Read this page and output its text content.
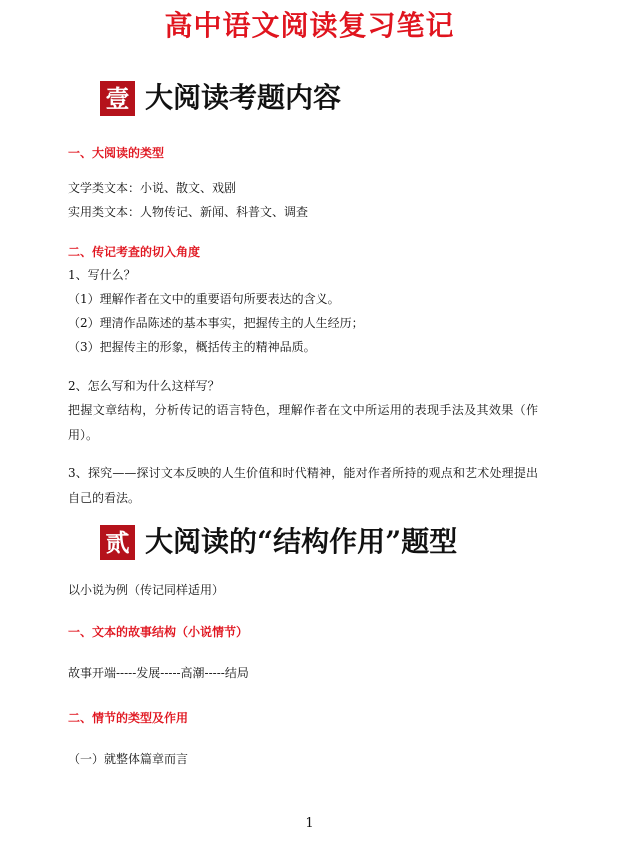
高中语文阅读复习笔记
壹 大阅读考题内容
一、大阅读的类型
文学类文本：小说、散文、戏剧
实用类文本：人物传记、新闻、科普文、调查
二、传记考查的切入角度
1、写什么？
（1）理解作者在文中的重要语句所要表达的含义。
（2）理清作品陈述的基本事实，把握传主的人生经历；
（3）把握传主的形象，概括传主的精神品质。
2、怎么写和为什么这样写？
把握文章结构，分析传记的语言特色，理解作者在文中所运用的表现手法及其效果（作用）。
3、探究——探讨文本反映的人生价值和时代精神，能对作者所持的观点和艺术处理提出自己的看法。
贰 大阅读的“结构作用”题型
以小说为例（传记同样适用）
一、文本的故事结构（小说情节）
故事开端-----发展-----高潮-----结局
二、情节的类型及作用
（一）就整体篇章而言
1
